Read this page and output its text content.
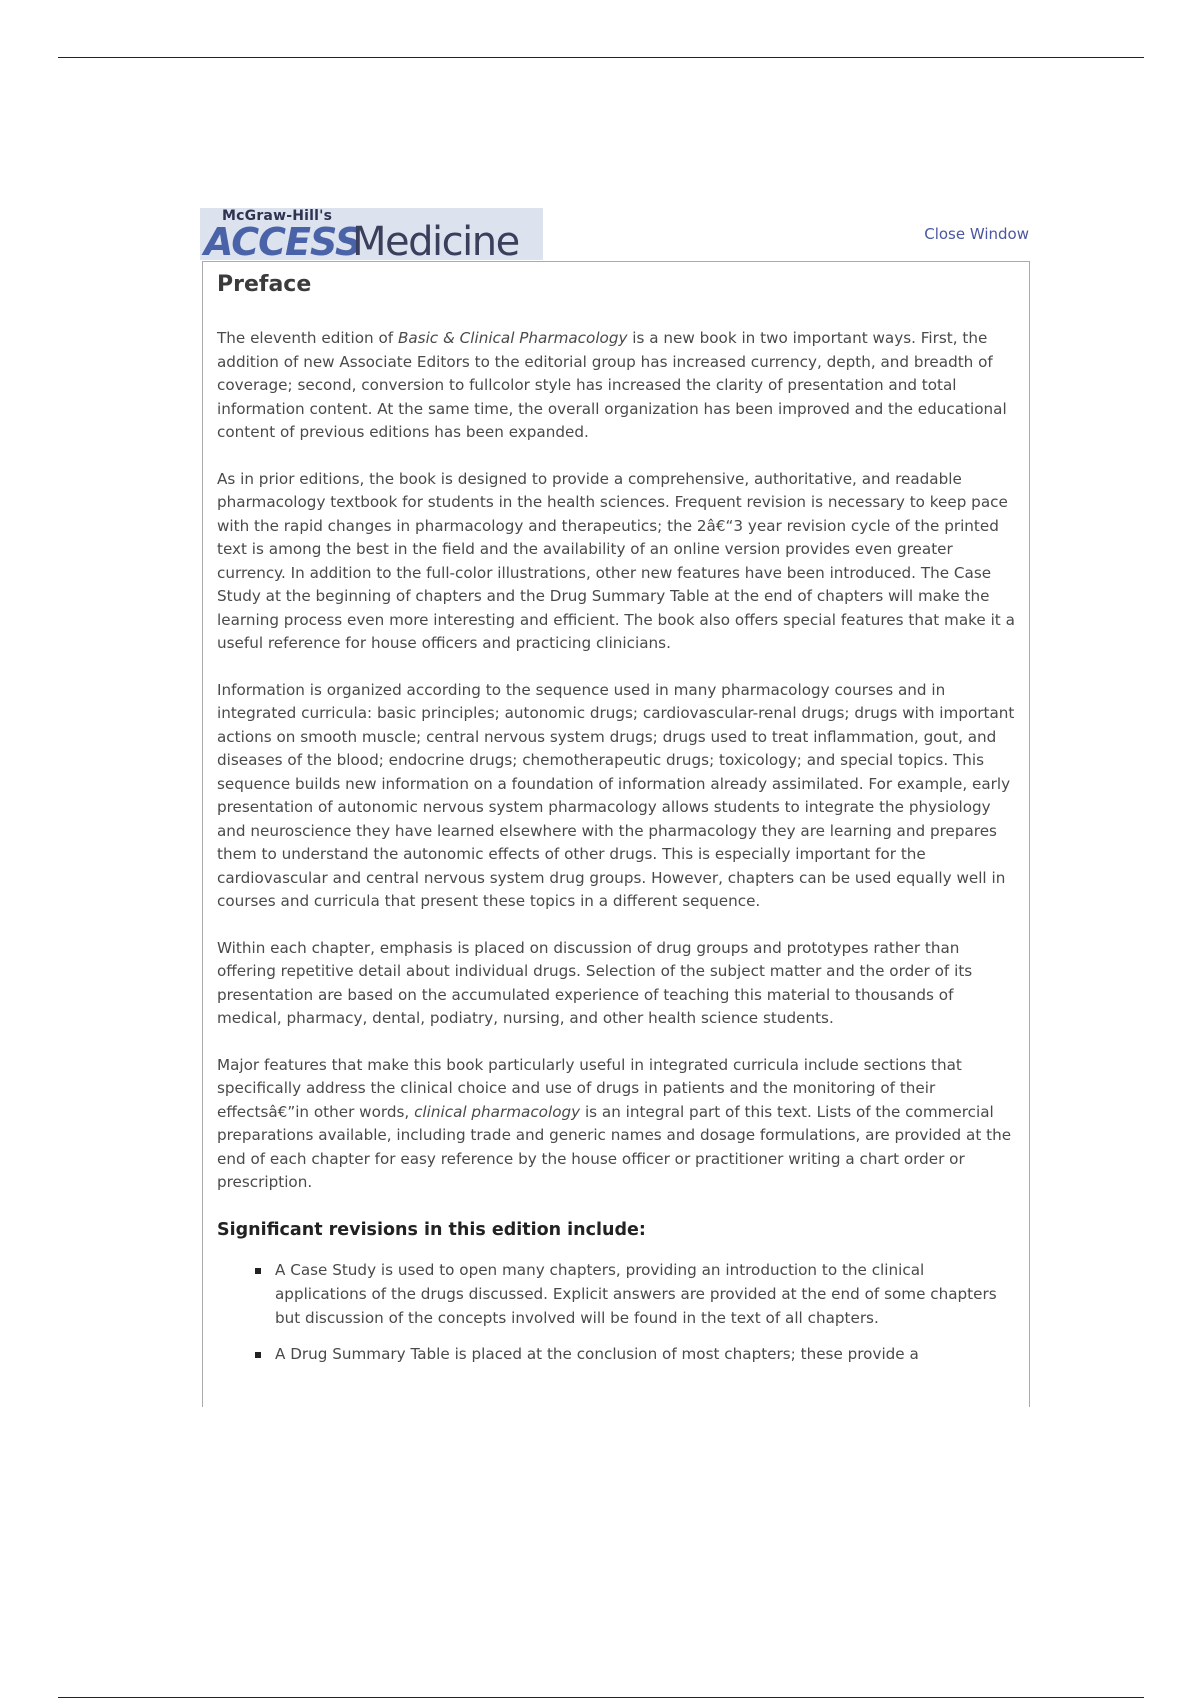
McGraw-Hill's
ACCESS
Medicine	Close Window
Preface

The eleventh edition of Basic & Clinical Pharmacology is a new book in two important ways. First, the addition of new Associate Editors to the editorial group has increased currency, depth, and breadth of coverage; second, conversion to fullcolor style has increased the clarity of presentation and total information content. At the same time, the overall organization has been improved and the educational content of previous editions has been expanded.

As in prior editions, the book is designed to provide a comprehensive, authoritative, and readable pharmacology textbook for students in the health sciences. Frequent revision is necessary to keep pace with the rapid changes in pharmacology and therapeutics; the 2â€“3 year revision cycle of the printed text is among the best in the field and the availability of an online version provides even greater currency. In addition to the full-color illustrations, other new features have been introduced. The Case Study at the beginning of chapters and the Drug Summary Table at the end of chapters will make the learning process even more interesting and efficient. The book also offers special features that make it a useful reference for house officers and practicing clinicians.

Information is organized according to the sequence used in many pharmacology courses and in integrated curricula: basic principles; autonomic drugs; cardiovascular-renal drugs; drugs with important actions on smooth muscle; central nervous system drugs; drugs used to treat inflammation, gout, and diseases of the blood; endocrine drugs; chemotherapeutic drugs; toxicology; and special topics. This sequence builds new information on a foundation of information already assimilated. For example, early presentation of autonomic nervous system pharmacology allows students to integrate the physiology and neuroscience they have learned elsewhere with the pharmacology they are learning and prepares them to understand the autonomic effects of other drugs. This is especially important for the cardiovascular and central nervous system drug groups. However, chapters can be used equally well in courses and curricula that present these topics in a different sequence.

Within each chapter, emphasis is placed on discussion of drug groups and prototypes rather than offering repetitive detail about individual drugs. Selection of the subject matter and the order of its presentation are based on the accumulated experience of teaching this material to thousands of medical, pharmacy, dental, podiatry, nursing, and other health science students.

Major features that make this book particularly useful in integrated curricula include sections that specifically address the clinical choice and use of drugs in patients and the monitoring of their effectsâ€”in other words, clinical pharmacology is an integral part of this text. Lists of the commercial preparations available, including trade and generic names and dosage formulations, are provided at the end of each chapter for easy reference by the house officer or practitioner writing a chart order or prescription.

Significant revisions in this edition include:
A Case Study is used to open many chapters, providing an introduction to the clinical applications of the drugs discussed. Explicit answers are provided at the end of some chapters but discussion of the concepts involved will be found in the text of all chapters.
A Drug Summary Table is placed at the conclusion of most chapters; these provide a
